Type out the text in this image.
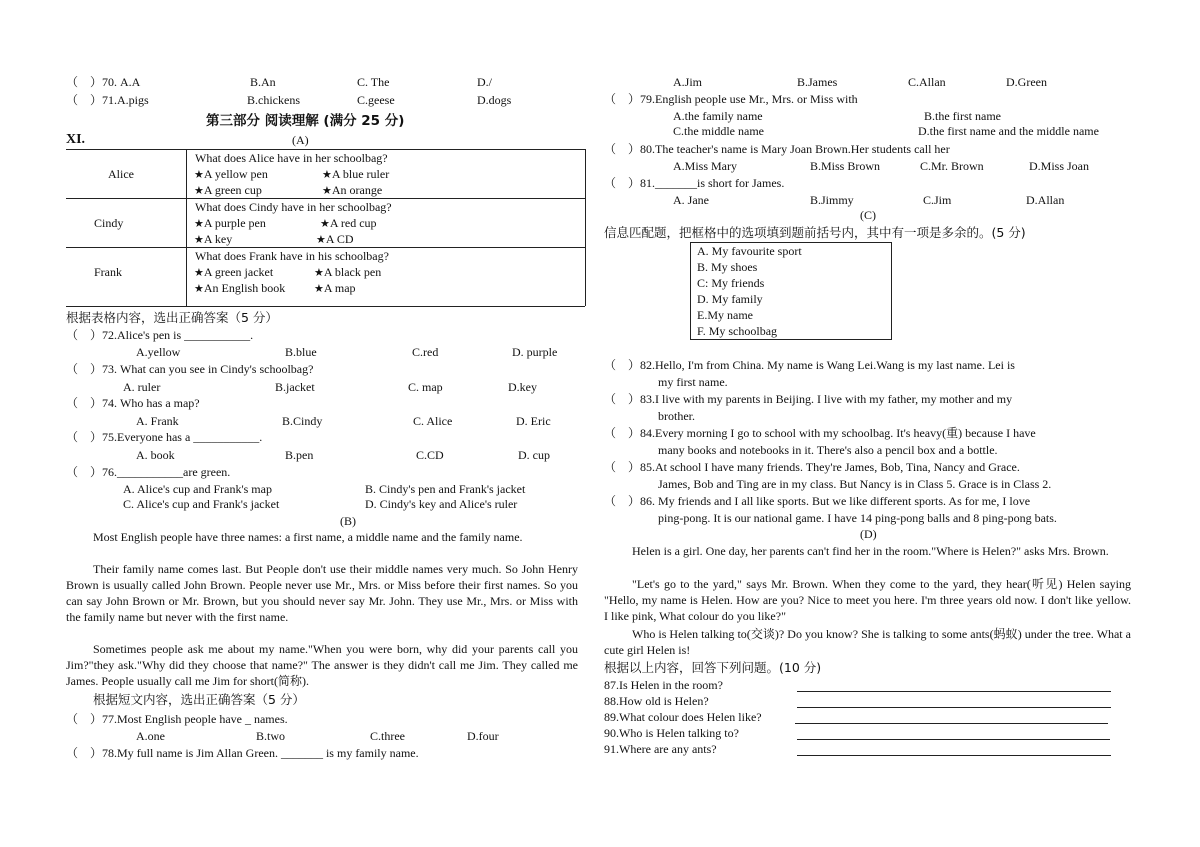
（　）70. A.A	B.An	C. The	D./
（　）71.A.pigs	B.chickens	C.geese	D.dogs
第三部分 阅读理解 (满分 25 分)
XI.	(A)
Alice
What does Alice have in her schoolbag?
★ A yellow pen	★ A blue ruler
★ A green cup	★ An orange
Cindy
What does Cindy have in her schoolbag?
★ A purple pen	★ A red cup
★ A key	★ A CD
Frank
What does Frank have in his schoolbag?
★ A green jacket	★ A black pen
★ An English book	★ A map
根据表格内容，选出正确答案（5 分）
（　）72.Alice's pen is ___________.
A.yellow	B.blue	C.red	D. purple
（　）73. What can you see in Cindy's schoolbag?
A. ruler	B.jacket	C. map	D.key
（　）74. Who has a map?
A. Frank	B.Cindy	C. Alice	D. Eric
（　）75.Everyone has a ___________.
A. book	B.pen	C.CD	D. cup
（　）76.___________are green.
A. Alice's cup and Frank's map	B. Cindy's pen and Frank's jacket
C. Alice's cup and Frank's jacket	D. Cindy's key and Alice's ruler
(B)
Most English people have three names: a first name, a middle name and the family name.
Their family name comes last. But People don't use their middle names very much. So John Henry Brown is usually called John Brown. People never use Mr., Mrs. or Miss before their first names. So you can say John Brown or Mr. Brown, but you should never say Mr. John. They use Mr., Mrs. or Miss with the family name but never with the first name.
Sometimes people ask me about my name."When you were born, why did your parents call you Jim?"they ask."Why did they choose that name?" The answer is they didn't call me Jim. They called me James. People usually call me Jim for short(简称).
根据短文内容，选出正确答案（5 分）
（　）77.Most English people have _ names.
A.one	B.two	C.three	D.four
（　）78.My full name is Jim Allan Green. _______ is my family name.
A.Jim	B.James	C.Allan	D.Green
（　）79.English people use Mr., Mrs. or Miss with
A.the family name	B.the first name
C.the middle name	D.the first name and the middle name
（　）80.The teacher's name is Mary Joan Brown.Her students call her
A.Miss Mary	B.Miss Brown	C.Mr. Brown	D.Miss Joan
（　）81._______is short for James.
A. Jane	B.Jimmy	C.Jim	D.Allan
(C)
信息匹配题，把框格中的选项填到题前括号内，其中有一项是多余的。(5 分)
A. My favourite sport
B. My shoes
C: My friends
D. My family
E.My name
F. My schoolbag
（　）82.Hello, I'm from China. My name is Wang Lei.Wang is my last name. Lei is
my first name.
（　）83.I live with my parents in Beijing. I live with my father, my mother and my
brother.
（　）84.Every morning I go to school with my schoolbag. It's heavy(重) because I have
many books and notebooks in it. There's also a pencil box and a bottle.
（　）85.At school I have many friends. They're James, Bob, Tina, Nancy and Grace.
James, Bob and Ting are in my class. But Nancy is in Class 5. Grace is in Class 2.
（　）86. My friends and I all like sports. But we like different sports. As for me, I love
ping-pong. It is our national game. I have 14 ping-pong balls and 8 ping-pong bats.
(D)
Helen is a girl. One day, her parents can't find her in the room."Where is Helen?" asks Mrs. Brown.
"Let's go to the yard," says Mr. Brown. When they come to the yard, they hear(听见) Helen saying "Hello, my name is Helen. How are you? Nice to meet you here. I'm three years old now. I don't like yellow. I like pink, What colour do you like?"
Who is Helen talking to(交谈)? Do you know? She is talking to some ants(蚂蚁) under the tree. What a cute girl Helen is!
根据以上内容，回答下列问题。(10 分)
87.Is Helen in the room?
88.How old is Helen?
89.What colour does Helen like?
90.Who is Helen talking to?
91.Where are any ants?
